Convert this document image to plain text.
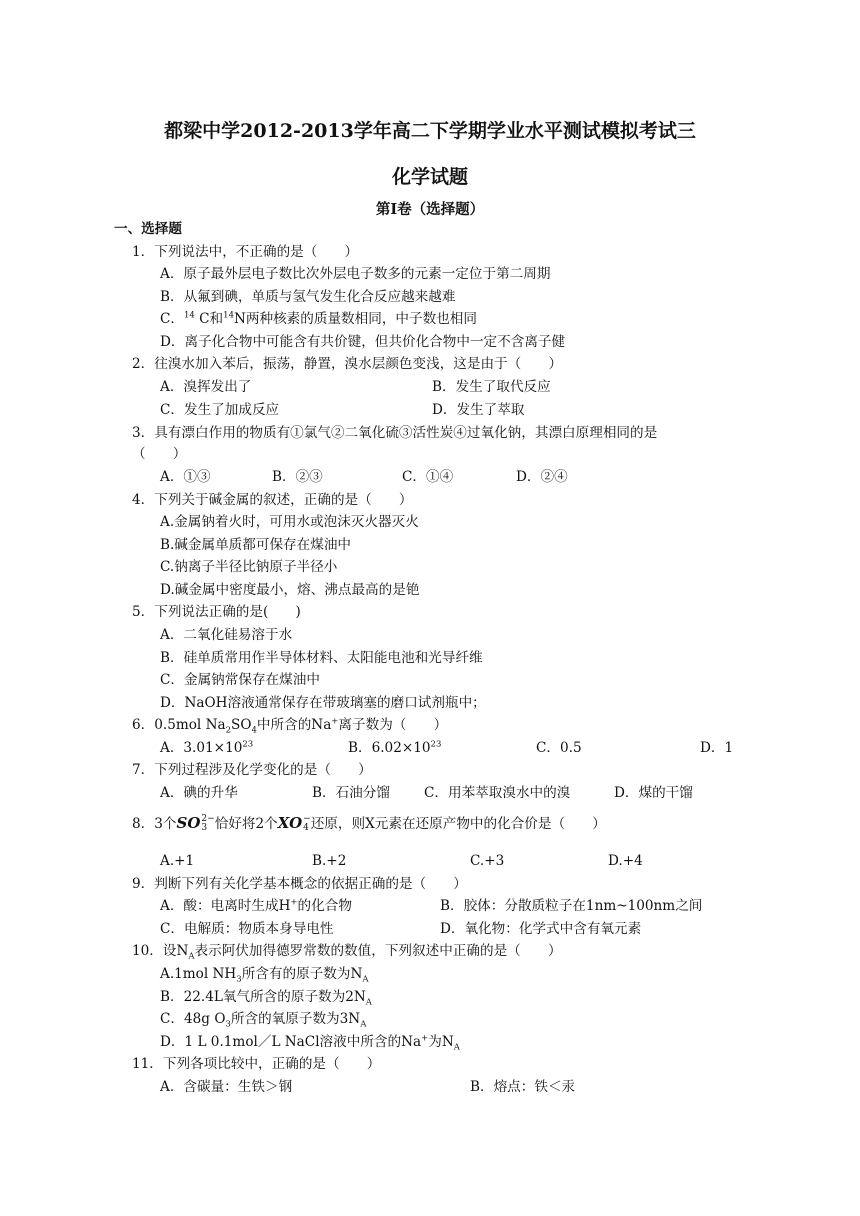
都梁中学2012-2013学年高二下学期学业水平测试模拟考试三
化学试题
第Ⅰ卷（选择题）
一、选择题
1．下列说法中，不正确的是（　　）
A．原子最外层电子数比次外层电子数多的元素一定位于第二周期
B．从氟到碘，单质与氢气发生化合反应越来越难
C．$^{14}$ C和$^{14}$N两种核素的质量数相同，中子数也相同
D．离子化合物中可能含有共价键，但共价化合物中一定不含离子健
2．往溴水加入苯后，振荡，静置，溴水层颜色变浅，这是由于（　　）
A．溴挥发出了	B．发生了取代反应
C．发生了加成反应	D．发生了萃取
3．具有漂白作用的物质有①氯气②二氧化硫③活性炭④过氧化钠，其漂白原理相同的是
（　　）
A．①③	B．②③	C．①④	D．②④
4．下列关于碱金属的叙述，正确的是（　　）
A.金属钠着火时，可用水或泡沫灭火器灭火
B.碱金属单质都可保存在煤油中
C.钠离子半径比钠原子半径小
D.碱金属中密度最小，熔、沸点最高的是铯
5．下列说法正确的是(　　)
A．二氧化硅易溶于水
B．硅单质常用作半导体材料、太阳能电池和光导纤维
C．金属钠常保存在煤油中
D．NaOH溶液通常保存在带玻璃塞的磨口试剂瓶中；
6．0.5mol $Na_2SO_4$中所含的Na+离子数为（　　）
A．$3.01\times 10^{23}$	B．$6.02\times 10^{23}$	C．0.5	D．1
7．下列过程涉及化学变化的是（　　）
A．碘的升华	B．石油分馏	C．用苯萃取溴水中的溴	D．煤的干馏
8．3个SO 2−
3 恰好将2个XO −
4 还原，则X元素在还原产物中的化合价是（　　）
A.+1	B.+2	C.+3	D.+4
9．判断下列有关化学基本概念的依据正确的是（　　）
A．酸：电离时生成H+的化合物	B．胶体：分散质粒子在1nm~100nm之间
C．电解质：物质本身导电性	D．氧化物：化学式中含有氧元素
10．设$N_A$表示阿伏加得德罗常数的数值，下列叙述中正确的是（　　）
A.1mol $NH_3$所含有的原子数为$N_A$
B．22.4L氧气所含的原子数为$2N_A$
C．48g $O_3$所含的氧原子数为$3N_A$
D．1 L 0.1mol／L NaCl溶液中所含的Na+为$N_A$
11．下列各项比较中，正确的是（　　）
A．含碳量：生铁＞钢	B．熔点：铁＜汞
